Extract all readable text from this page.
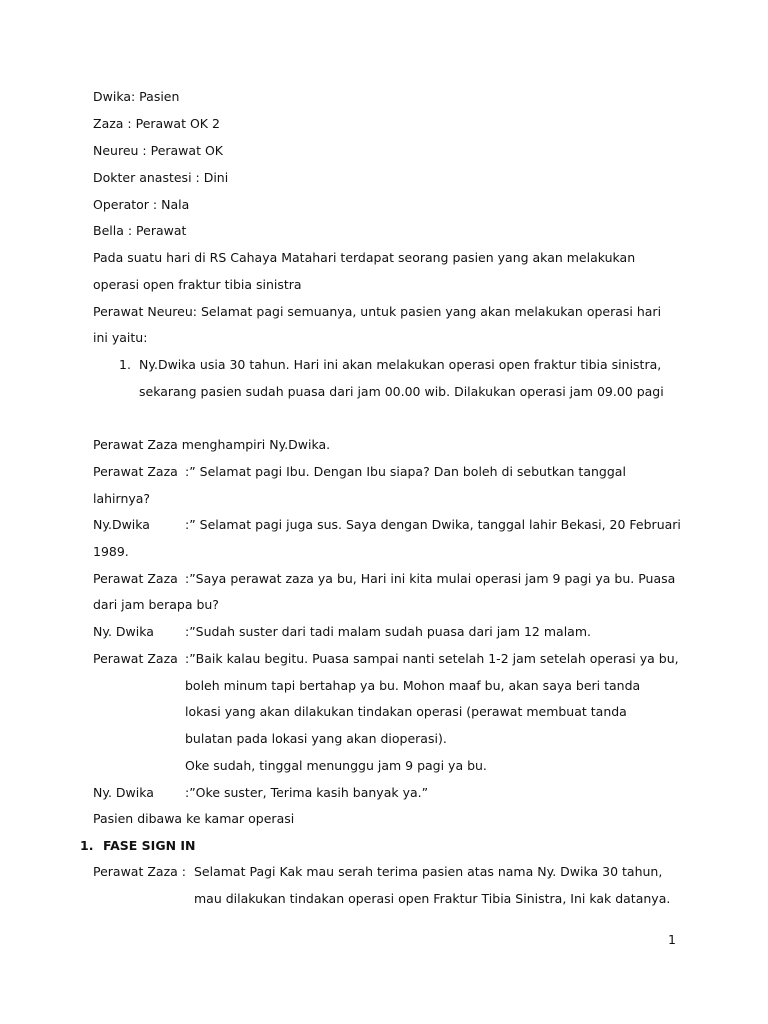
Dwika: Pasien
Zaza : Perawat OK 2
Neureu : Perawat OK
Dokter anastesi : Dini
Operator : Nala
Bella : Perawat
Pada suatu hari di RS Cahaya Matahari terdapat seorang pasien yang akan melakukan
operasi open fraktur tibia sinistra
Perawat Neureu: Selamat pagi semuanya, untuk pasien yang akan melakukan operasi hari
ini yaitu:
1. Ny.Dwika usia 30 tahun. Hari ini akan melakukan operasi open fraktur tibia sinistra,
sekarang pasien sudah puasa dari jam 00.00 wib. Dilakukan operasi jam 09.00 pagi
Perawat Zaza menghampiri Ny.Dwika.
Perawat Zaza :” Selamat pagi Ibu. Dengan Ibu siapa? Dan boleh di sebutkan tanggal
lahirnya?
Ny.Dwika	:” Selamat pagi juga sus. Saya dengan Dwika, tanggal lahir Bekasi, 20 Februari
1989.
Perawat Zaza :”Saya perawat zaza ya bu, Hari ini kita mulai operasi jam 9 pagi ya bu. Puasa
dari jam berapa bu?
Ny. Dwika :”Sudah suster dari tadi malam sudah puasa dari jam 12 malam.
Perawat Zaza :”Baik kalau begitu. Puasa sampai nanti setelah 1-2 jam setelah operasi ya bu,
boleh minum tapi bertahap ya bu. Mohon maaf bu, akan saya beri tanda
lokasi yang akan dilakukan tindakan operasi (perawat membuat tanda
bulatan pada lokasi yang akan dioperasi).
Oke sudah, tinggal menunggu jam 9 pagi ya bu.
Ny. Dwika :”Oke suster, Terima kasih banyak ya.”
Pasien dibawa ke kamar operasi
1. FASE SIGN IN
Perawat Zaza : Selamat Pagi Kak mau serah terima pasien atas nama Ny. Dwika 30 tahun,
mau dilakukan tindakan operasi open Fraktur Tibia Sinistra, Ini kak datanya.
1
